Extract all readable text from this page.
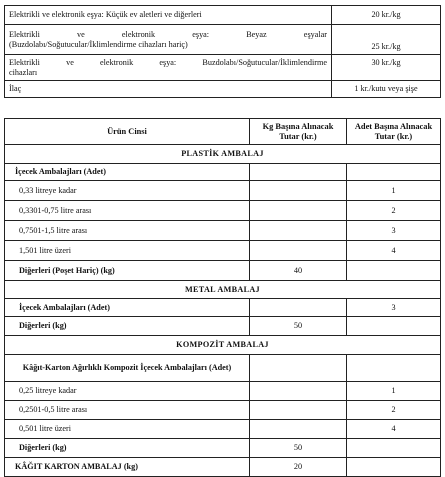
Elektrikli ve elektronik eşya: Küçük ev aletleri ve diğerleri	20 kr./kg

Elektrikli ve elektronik eşya: Beyaz eşyalar
(Buzdolabı/Soğutucular/İklimlendirme cihazları hariç)	25 kr./kg

Elektrikli ve elektronik eşya: Buzdolabı/Soğutucular/İklimlendirme
cihazları	30 kr./kg
İlaç	1 kr./kutu veya şişe
Ürün Cinsi	Kg Başına Alınacak Tutar (kr.)	Adet Başına Alınacak Tutar (kr.)
PLASTİK AMBALAJ		
İçecek Ambalajları (Adet)		
0,33 litreye kadar		1
0,3301-0,75 litre arası		2
0,7501-1,5 litre arası		3
1,501 litre üzeri		4
Diğerleri (Poşet Hariç) (kg)	40	
METAL AMBALAJ		
İçecek Ambalajları (Adet)		3
Diğerleri (kg)	50	
KOMPOZİT AMBALAJ		
Kâğıt-Karton Ağırlıklı Kompozit İçecek Ambalajları (Adet)		
0,25 litreye kadar		1
0,2501-0,5 litre arası		2
0,501 litre üzeri		4
Diğerleri (kg)	50	
KÂĞIT KARTON AMBALAJ (kg)	20	
